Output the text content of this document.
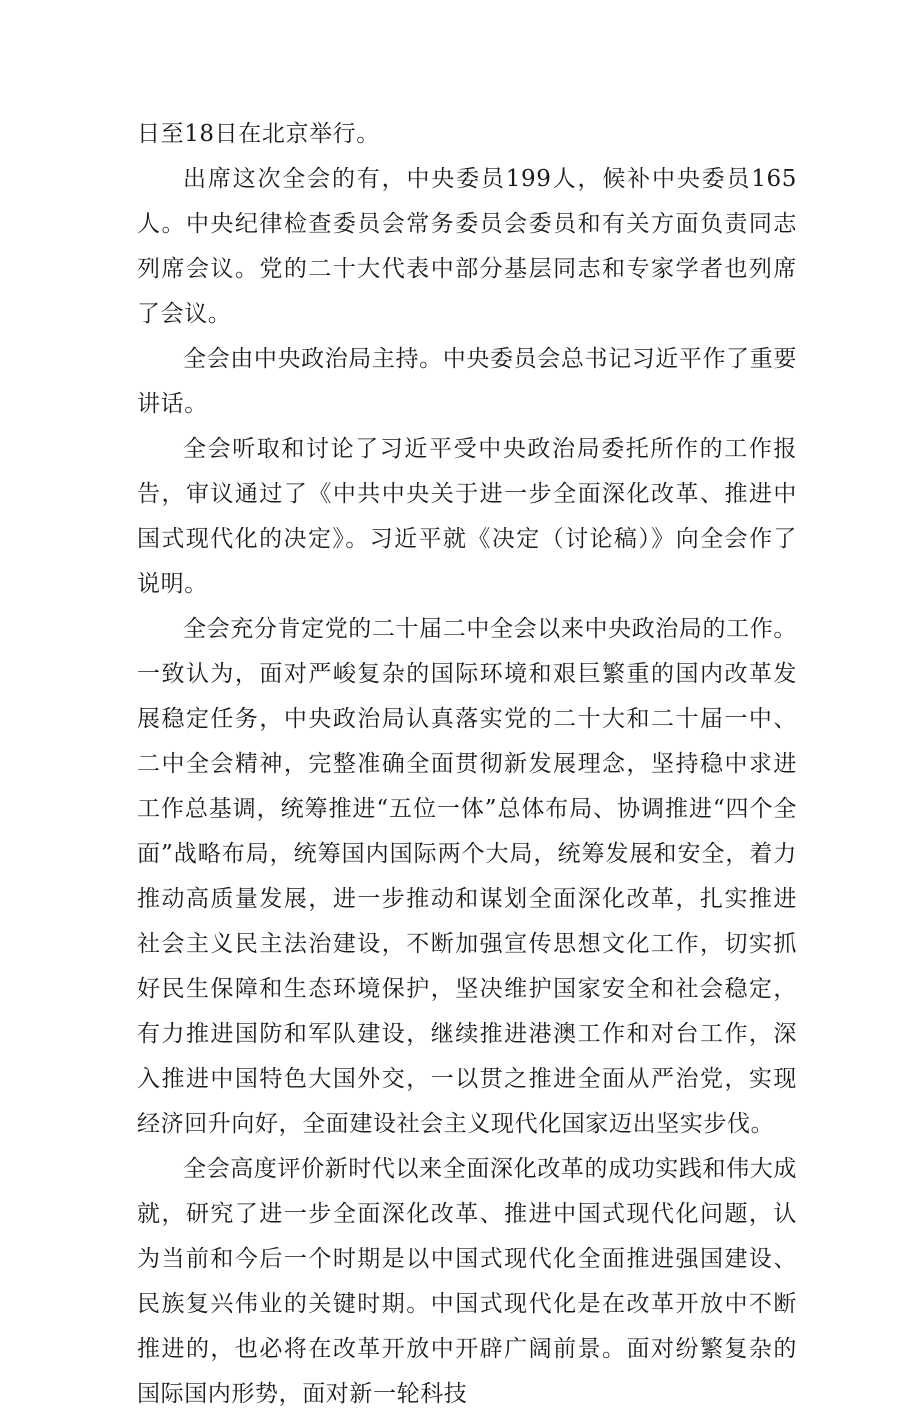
日至18日在北京举行。

出席这次全会的有，中央委员199人，候补中央委员165人。中央纪律检查委员会常务委员会委员和有关方面负责同志列席会议。党的二十大代表中部分基层同志和专家学者也列席了会议。

全会由中央政治局主持。中央委员会总书记习近平作了重要讲话。

全会听取和讨论了习近平受中央政治局委托所作的工作报告，审议通过了《中共中央关于进一步全面深化改革、推进中国式现代化的决定》。习近平就《决定（讨论稿）》向全会作了说明。

全会充分肯定党的二十届二中全会以来中央政治局的工作。一致认为，面对严峻复杂的国际环境和艰巨繁重的国内改革发展稳定任务，中央政治局认真落实党的二十大和二十届一中、二中全会精神，完整准确全面贯彻新发展理念，坚持稳中求进工作总基调，统筹推进“五位一体”总体布局、协调推进“四个全面”战略布局，统筹国内国际两个大局，统筹发展和安全，着力推动高质量发展，进一步推动和谋划全面深化改革，扎实推进社会主义民主法治建设，不断加强宣传思想文化工作，切实抓好民生保障和生态环境保护，坚决维护国家安全和社会稳定，有力推进国防和军队建设，继续推进港澳工作和对台工作，深入推进中国特色大国外交，一以贯之推进全面从严治党，实现经济回升向好，全面建设社会主义现代化国家迈出坚实步伐。

全会高度评价新时代以来全面深化改革的成功实践和伟大成就，研究了进一步全面深化改革、推进中国式现代化问题，认为当前和今后一个时期是以中国式现代化全面推进强国建设、民族复兴伟业的关键时期。中国式现代化是在改革开放中不断推进的，也必将在改革开放中开辟广阔前景。面对纷繁复杂的国际国内形势，面对新一轮科技
